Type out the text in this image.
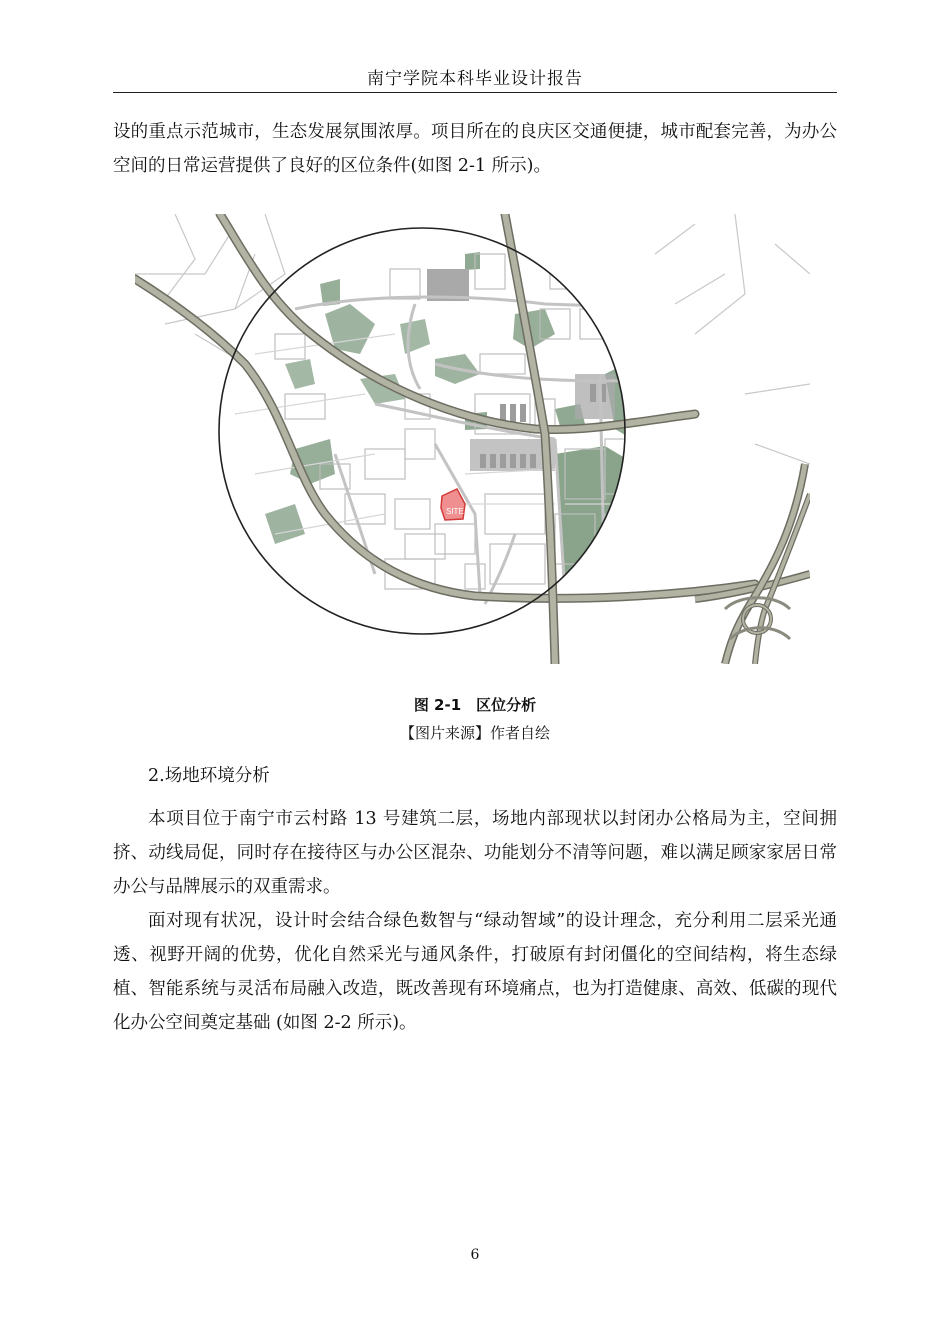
南宁学院本科毕业设计报告

设的重点示范城市，生态发展氛围浓厚。项目所在的良庆区交通便捷，城市配套完善，为办公空间的日常运营提供了良好的区位条件(如图 2-1 所示)。

SITE
图 2-1　区位分析
【图片来源】作者自绘
2.场地环境分析

本项目位于南宁市云村路 13 号建筑二层，场地内部现状以封闭办公格局为主，空间拥挤、动线局促，同时存在接待区与办公区混杂、功能划分不清等问题，难以满足顾家家居日常办公与品牌展示的双重需求。

面对现有状况，设计时会结合绿色数智与“绿动智域”的设计理念，充分利用二层采光通透、视野开阔的优势，优化自然采光与通风条件，打破原有封闭僵化的空间结构，将生态绿植、智能系统与灵活布局融入改造，既改善现有环境痛点，也为打造健康、高效、低碳的现代化办公空间奠定基础 (如图 2-2 所示)。

6
